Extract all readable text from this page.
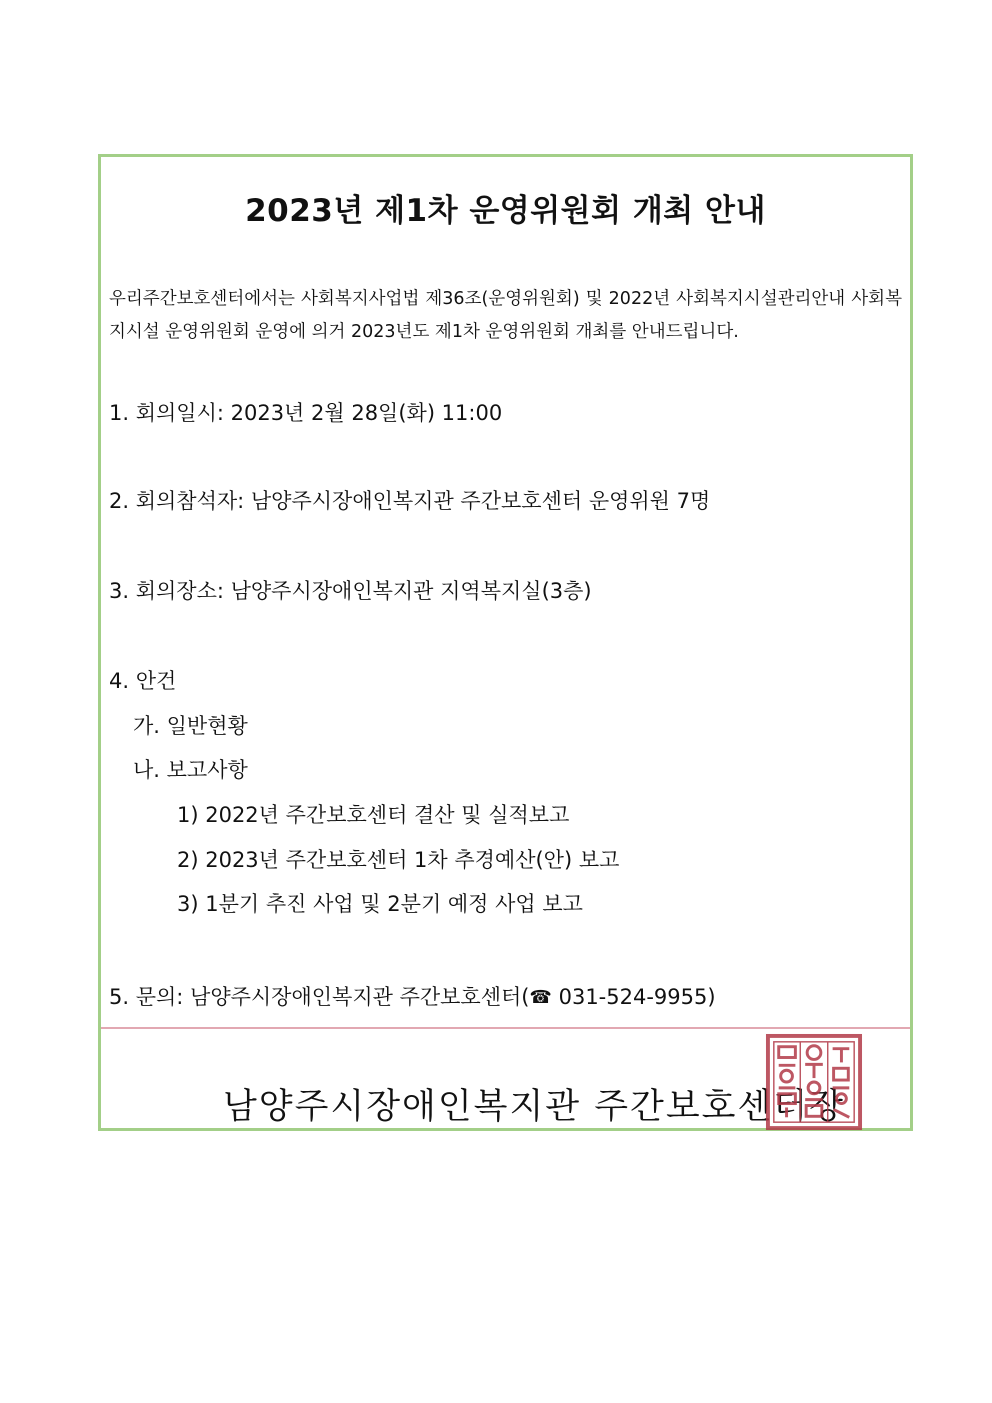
2023년 제1차 운영위원회 개최 안내

우리주간보호센터에서는 사회복지사업법 제36조(운영위원회) 및 2022년 사회복지시설관리안내 사회복지시설 운영위원회 운영에 의거 2023년도 제1차 운영위원회 개최를 안내드립니다.

1. 회의일시: 2023년 2월 28일(화) 11:00

2. 회의참석자: 남양주시장애인복지관 주간보호센터 운영위원 7명

3. 회의장소: 남양주시장애인복지관 지역복지실(3층)

4. 안건

가. 일반현황

나. 보고사항

1) 2022년 주간보호센터 결산 및 실적보고

2) 2023년 주간보호센터 1차 추경예산(안) 보고

3) 1분기 추진 사업 및 2분기 예정 사업 보고

5. 문의: 남양주시장애인복지관 주간보호센터(☎ 031-524-9955)

남양주시장애인복지관 주간보호센터장
